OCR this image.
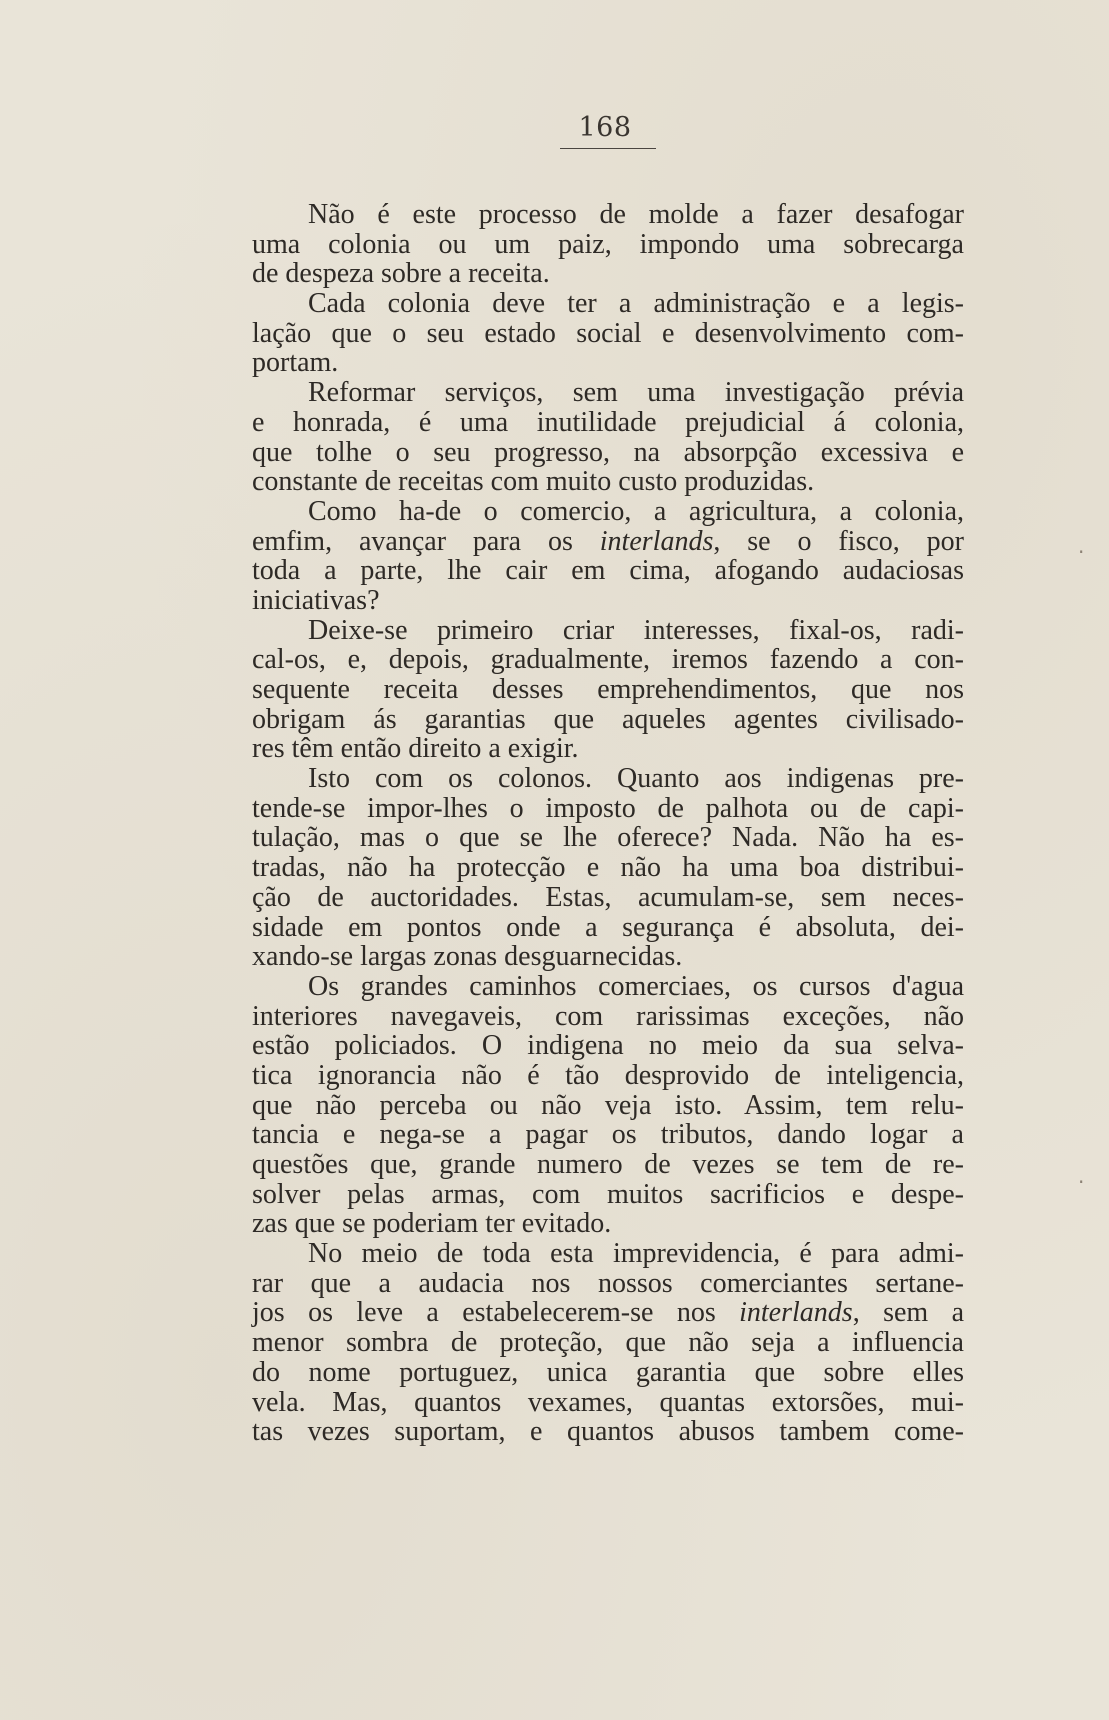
168
Não é este processo de molde a fazer desafogar
uma colonia ou um paiz, impondo uma sobrecarga
de despeza sobre a receita.
Cada colonia deve ter a administração e a legis-
lação que o seu estado social e desenvolvimento com-
portam.
Reformar serviços, sem uma investigação prévia
e honrada, é uma inutilidade prejudicial á colonia,
que tolhe o seu progresso, na absorpção excessiva e
constante de receitas com muito custo produzidas.
Como ha-de o comercio, a agricultura, a colonia,
emfim, avançar para os interlands, se o fisco, por
toda a parte, lhe cair em cima, afogando audaciosas
iniciativas?
Deixe-se primeiro criar interesses, fixal-os, radi-
cal-os, e, depois, gradualmente, iremos fazendo a con-
sequente receita desses emprehendimentos, que nos
obrigam ás garantias que aqueles agentes civilisado-
res têm então direito a exigir.
Isto com os colonos. Quanto aos indigenas pre-
tende-se impor-lhes o imposto de palhota ou de capi-
tulação, mas o que se lhe oferece? Nada. Não ha es-
tradas, não ha protecção e não ha uma boa distribui-
ção de auctoridades. Estas, acumulam-se, sem neces-
sidade em pontos onde a segurança é absoluta, dei-
xando-se largas zonas desguarnecidas.
Os grandes caminhos comerciaes, os cursos d'agua
interiores navegaveis, com rarissimas exceções, não
estão policiados. O indigena no meio da sua selva-
tica ignorancia não é tão desprovido de inteligencia,
que não perceba ou não veja isto. Assim, tem relu-
tancia e nega-se a pagar os tributos, dando logar a
questões que, grande numero de vezes se tem de re-
solver pelas armas, com muitos sacrificios e despe-
zas que se poderiam ter evitado.
No meio de toda esta imprevidencia, é para admi-
rar que a audacia nos nossos comerciantes sertane-
jos os leve a estabelecerem-se nos interlands, sem a
menor sombra de proteção, que não seja a influencia
do nome portuguez, unica garantia que sobre elles
vela. Mas, quantos vexames, quantas extorsões, mui-
tas vezes suportam, e quantos abusos tambem come-
·
·
